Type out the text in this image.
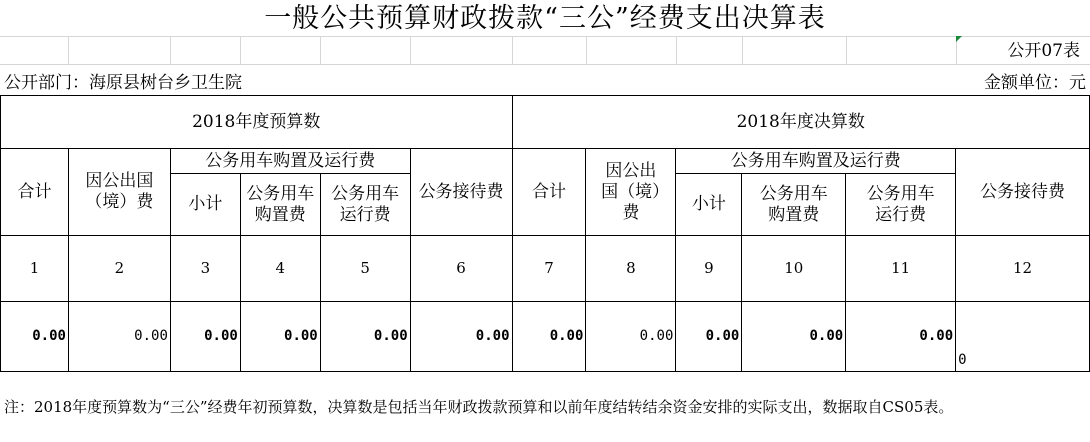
一般公共预算财政拨款“三公”经费支出决算表
公开07表
公开部门：海原县树台乡卫生院	金额单位：元
2018年度预算数						2018年度决算数					
合计	因公出国（境）费	公务用车购置及运行费			公务接待费	合计	因公出国（境）费	公务用车购置及运行费			公务接待费
		小计	公务用车购置费	公务用车运行费				小计	公务用车购置费	公务用车运行费	
1	2	3	4	5	6	7	8	9	10	11	12
0.00	0.00	0.00	0.00	0.00	0.00	0.00	0.00	0.00	0.00	0.00	0
注：2018年度预算数为“三公”经费年初预算数，决算数是包括当年财政拨款预算和以前年度结转结余资金安排的实际支出，数据取自CS05表。
